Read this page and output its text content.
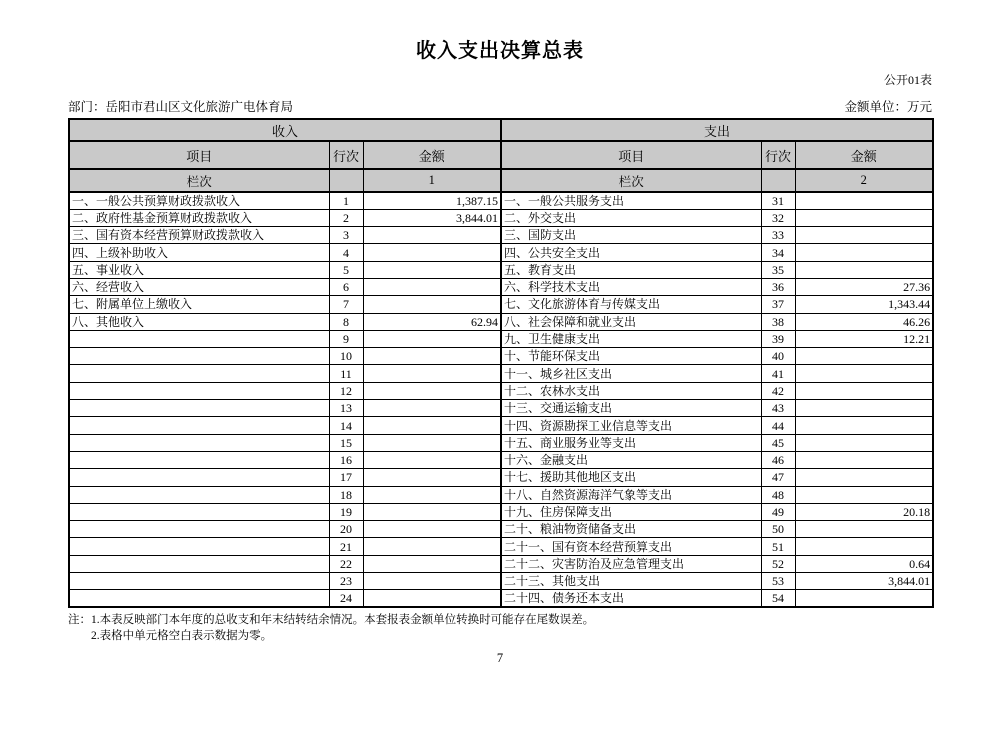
收入支出决算总表
公开01表
部门：岳阳市君山区文化旅游广电体育局	金额单位：万元
收入			支出		
项目	行次	金额	项目	行次	金额
栏次		1	栏次		2
一、一般公共预算财政拨款收入	1	1,387.15	一、一般公共服务支出	31	
二、政府性基金预算财政拨款收入	2	3,844.01	二、外交支出	32	
三、国有资本经营预算财政拨款收入	3		三、国防支出	33	
四、上级补助收入	4		四、公共安全支出	34	
五、事业收入	5		五、教育支出	35	
六、经营收入	6		六、科学技术支出	36	27.36
七、附属单位上缴收入	7		七、文化旅游体育与传媒支出	37	1,343.44
八、其他收入	8	62.94	八、社会保障和就业支出	38	46.26
	9		九、卫生健康支出	39	12.21
	10		十、节能环保支出	40	
	11		十一、城乡社区支出	41	
	12		十二、农林水支出	42	
	13		十三、交通运输支出	43	
	14		十四、资源勘探工业信息等支出	44	
	15		十五、商业服务业等支出	45	
	16		十六、金融支出	46	
	17		十七、援助其他地区支出	47	
	18		十八、自然资源海洋气象等支出	48	
	19		十九、住房保障支出	49	20.18
	20		二十、粮油物资储备支出	50	
	21		二十一、国有资本经营预算支出	51	
	22		二十二、灾害防治及应急管理支出	52	0.64
	23		二十三、其他支出	53	3,844.01
	24		二十四、债务还本支出	54	
注：1.本表反映部门本年度的总收支和年末结转结余情况。本套报表金额单位转换时可能存在尾数误差。
2.表格中单元格空白表示数据为零。
7
